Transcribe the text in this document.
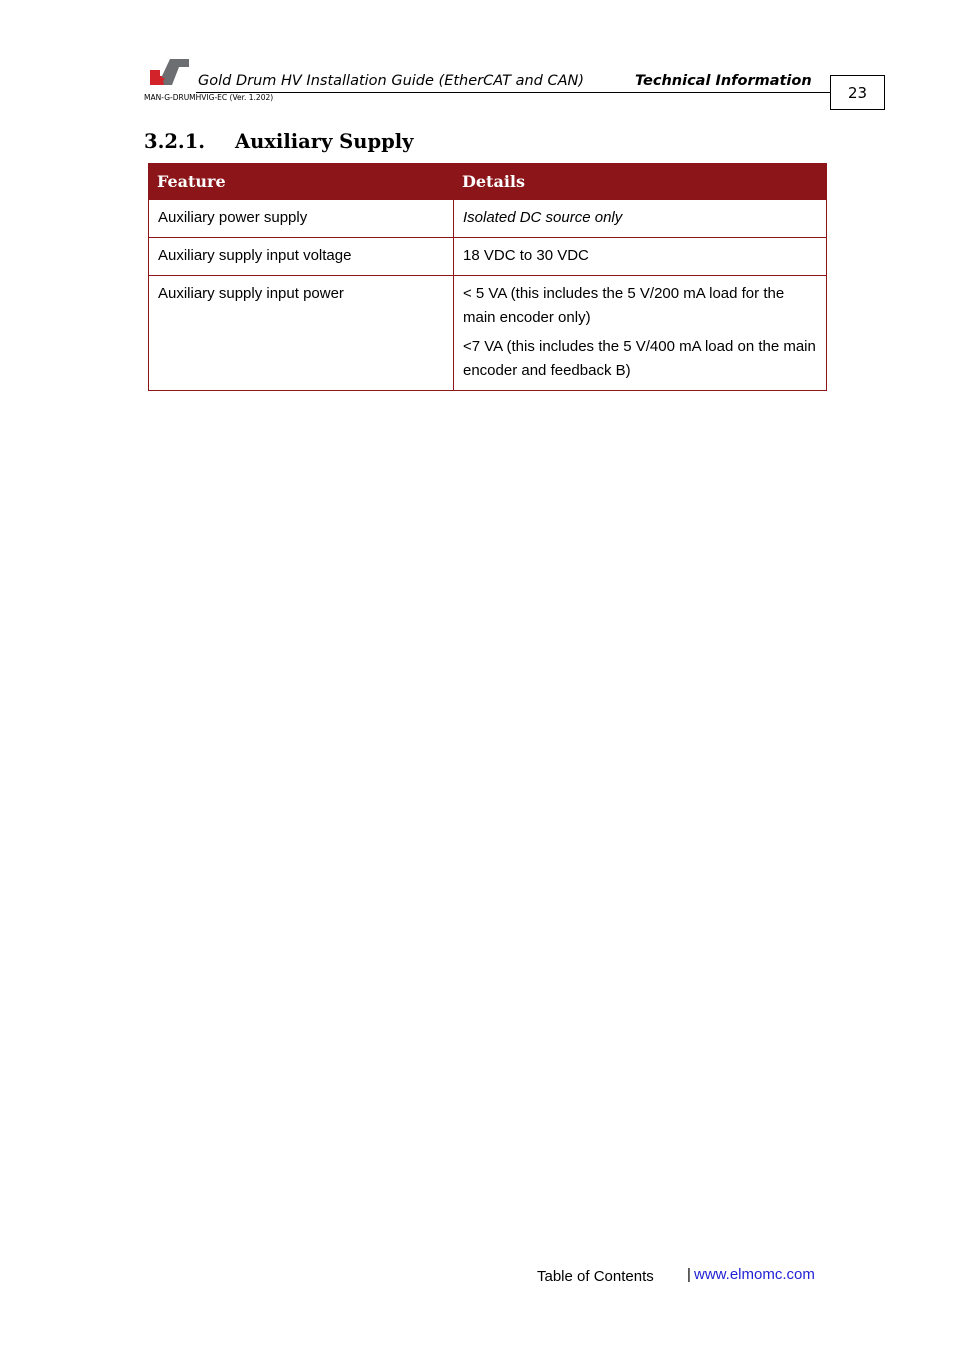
Gold Drum HV Installation Guide (EtherCAT and CAN)	Technical Information
MAN-G-DRUMHVIG-EC (Ver. 1.202)	23
3.2.1. Auxiliary Supply
Feature	Details
Auxiliary power supply	Isolated DC source only

Auxiliary supply input voltage	18 VDC to 30 VDC

Auxiliary supply input power	< 5 VA (this includes the 5 V/200 mA load for the main encoder only)

<7 VA (this includes the 5 V/400 mA load on the main encoder and feedback B)

Table of Contents | www.elmomc.com
